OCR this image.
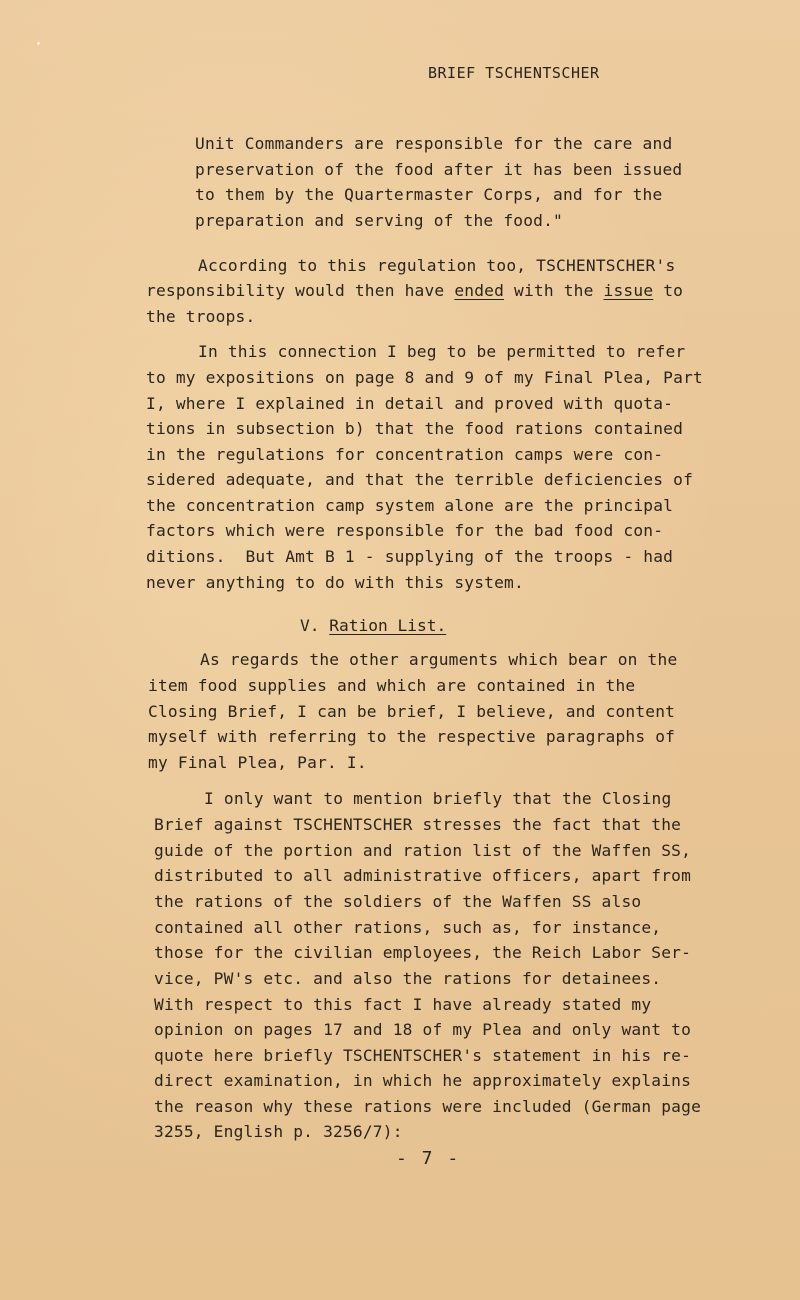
BRIEF TSCHENTSCHER
Unit Commanders are responsible for the care and
preservation of the food after it has been issued
to them by the Quartermaster Corps, and for the
preparation and serving of the food."
According to this regulation too, TSCHENTSCHER's
responsibility would then have ended with the issue to
the troops.
In this connection I beg to be permitted to refer
to my expositions on page 8 and 9 of my Final Plea, Part
I, where I explained in detail and proved with quota-
tions in subsection b) that the food rations contained
in the regulations for concentration camps were con-
sidered adequate, and that the terrible deficiencies of
the concentration camp system alone are the principal
factors which were responsible for the bad food con-
ditions.  But Amt B 1 - supplying of the troops - had
never anything to do with this system.
V. Ration List.
As regards the other arguments which bear on the
item food supplies and which are contained in the
Closing Brief, I can be brief, I believe, and content
myself with referring to the respective paragraphs of
my Final Plea, Par. I.
I only want to mention briefly that the Closing
Brief against TSCHENTSCHER stresses the fact that the
guide of the portion and ration list of the Waffen SS,
distributed to all administrative officers, apart from
the rations of the soldiers of the Waffen SS also
contained all other rations, such as, for instance,
those for the civilian employees, the Reich Labor Ser-
vice, PW's etc. and also the rations for detainees.
With respect to this fact I have already stated my
opinion on pages 17 and 18 of my Plea and only want to
quote here briefly TSCHENTSCHER's statement in his re-
direct examination, in which he approximately explains
the reason why these rations were included (German page
3255, English p. 3256/7):
- 7 -
